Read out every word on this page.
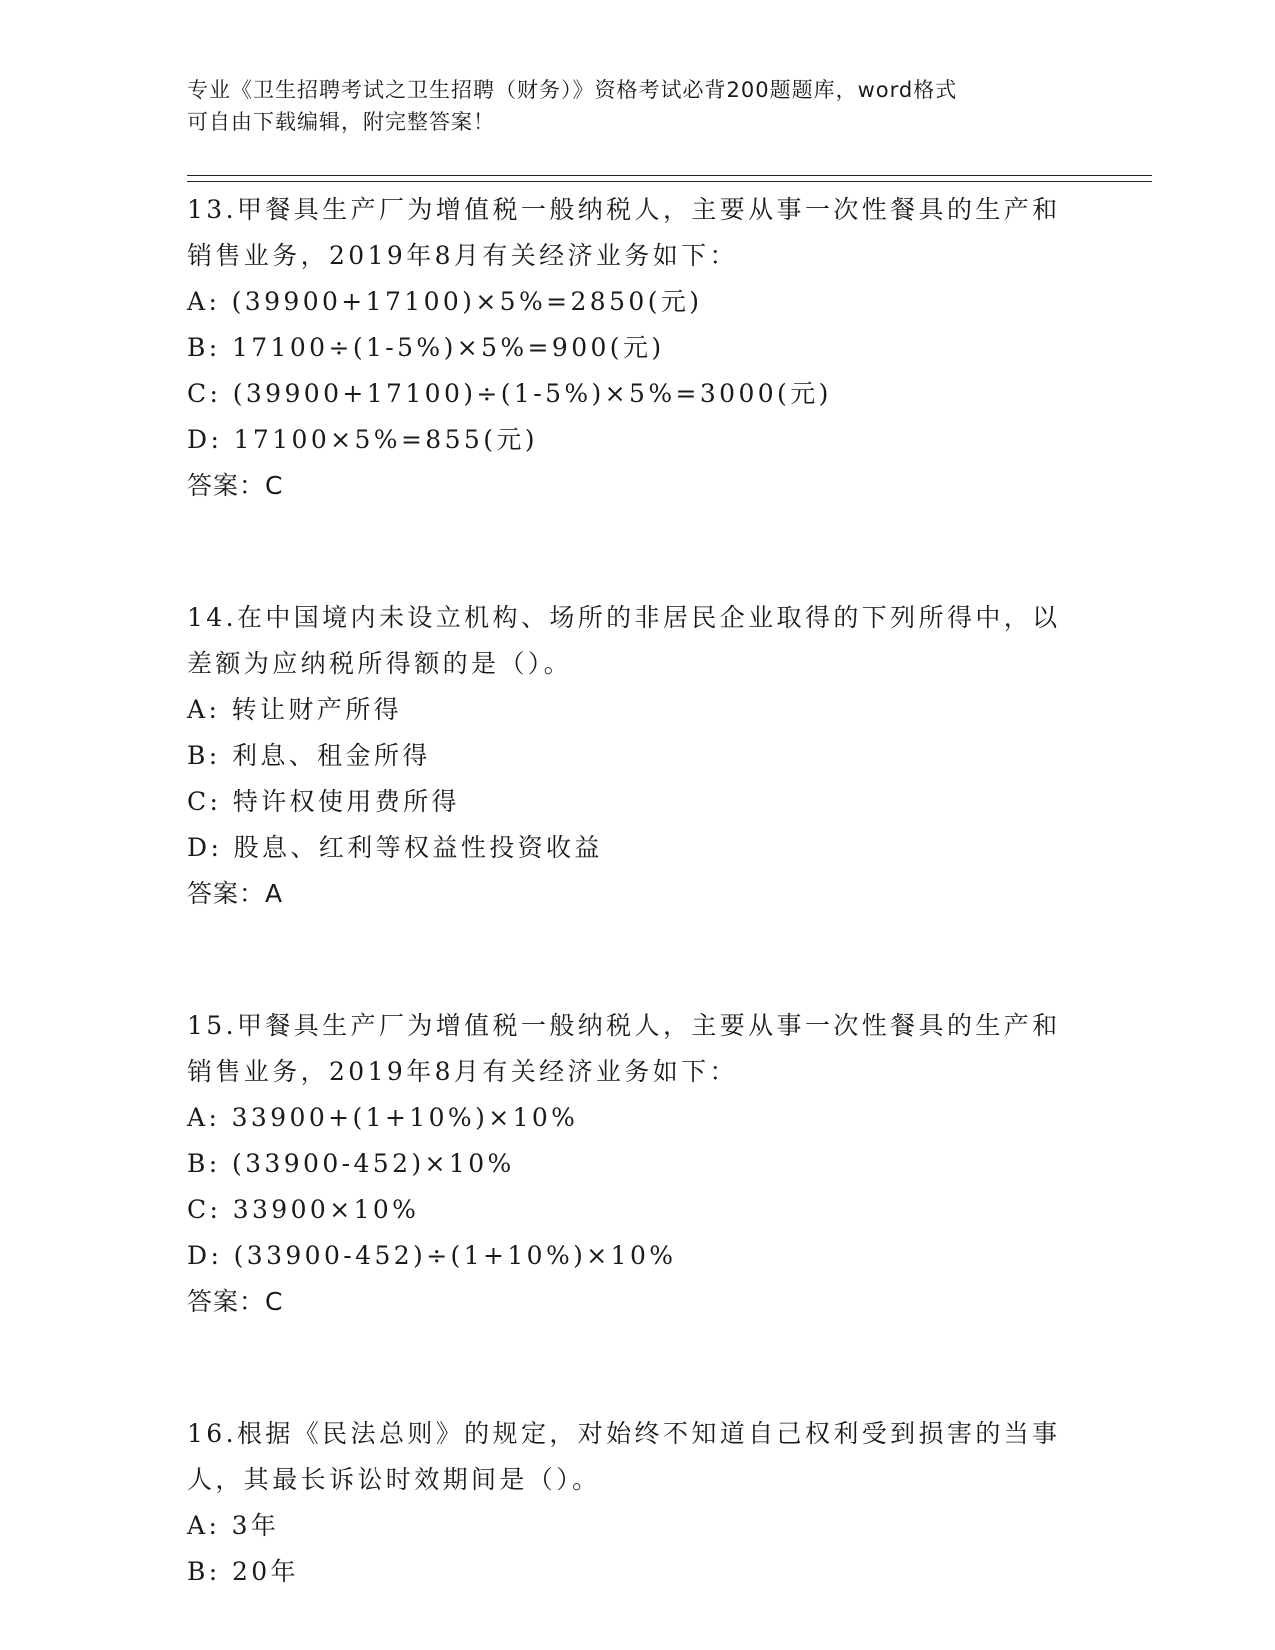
专业《卫生招聘考试之卫生招聘（财务）》资格考试必背200题题库，word格式
可自由下载编辑，附完整答案！
13.甲餐具生产厂为增值税一般纳税人，主要从事一次性餐具的生产和
销售业务，2019年8月有关经济业务如下：
A: (39900+17100)×5%=2850(元)
B: 17100÷(1-5%)×5%=900(元)
C: (39900+17100)÷(1-5%)×5%=3000(元)
D: 17100×5%=855(元)
答案：C
14.在中国境内未设立机构、场所的非居民企业取得的下列所得中，以
差额为应纳税所得额的是（）。
A: 转让财产所得
B: 利息、租金所得
C: 特许权使用费所得
D: 股息、红利等权益性投资收益
答案：A
15.甲餐具生产厂为增值税一般纳税人，主要从事一次性餐具的生产和
销售业务，2019年8月有关经济业务如下：
A: 33900+(1+10%)×10%
B: (33900-452)×10%
C: 33900×10%
D: (33900-452)÷(1+10%)×10%
答案：C
16.根据《民法总则》的规定，对始终不知道自己权利受到损害的当事
人，其最长诉讼时效期间是（）。
A: 3年
B: 20年
